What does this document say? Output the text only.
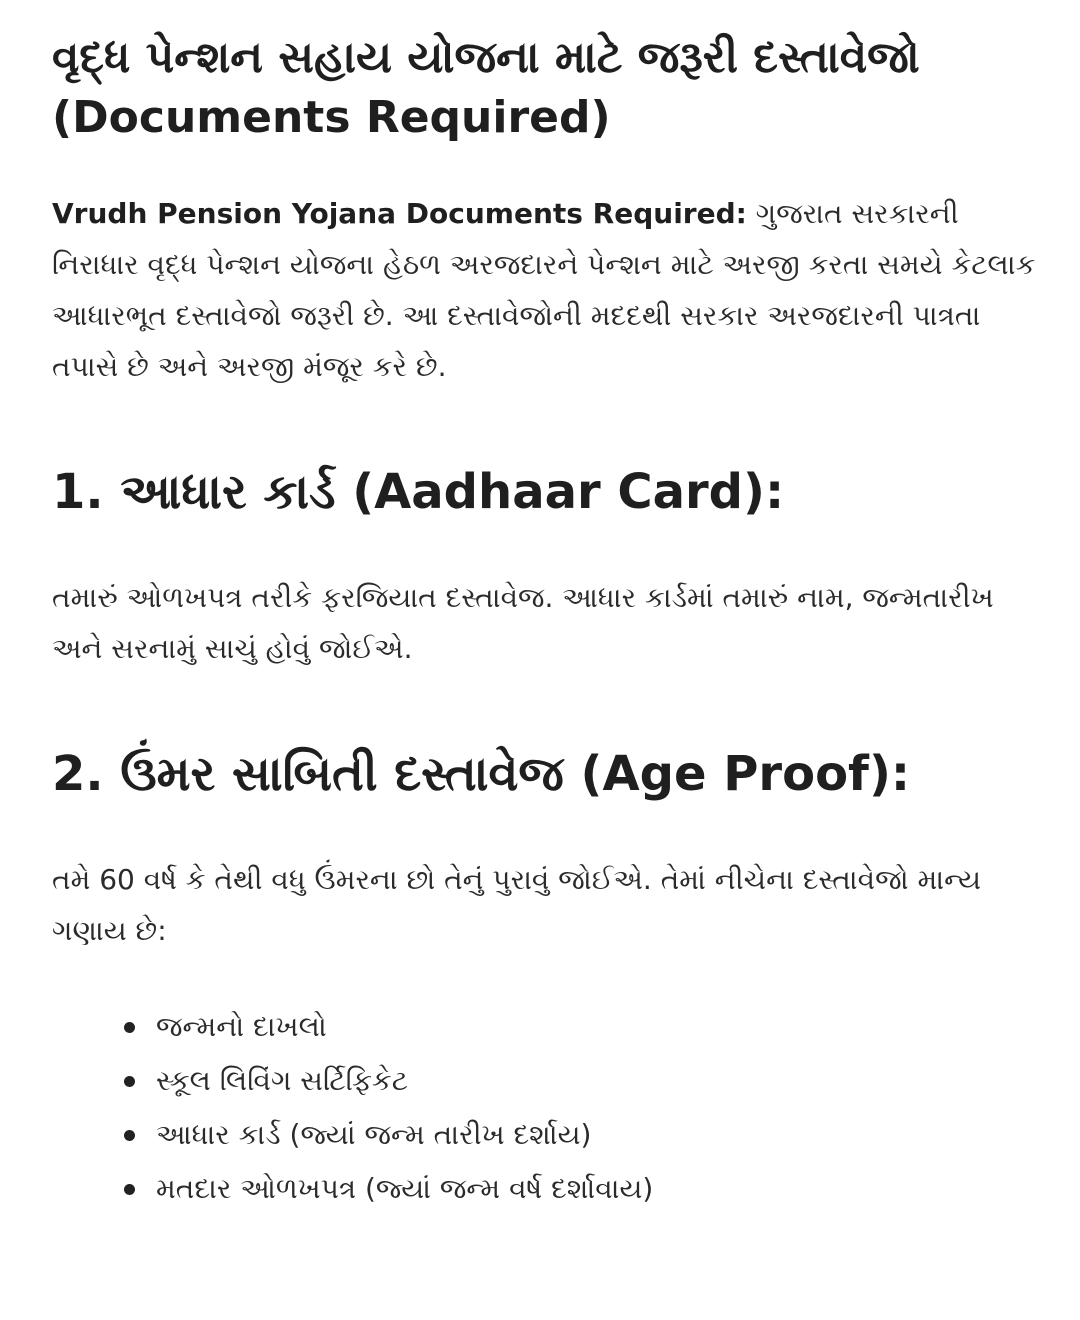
વૃદ્ધ પેન્શન સહાય યોજના માટે જરૂરી દસ્તાવેજો
(Documents Required)

Vrudh Pension Yojana Documents Required: ગુજરાત સરકારની નિરાધાર વૃદ્ધ પેન્શન યોજના હેઠળ અરજદારને પેન્શન માટે અરજી કરતા સમયે કેટલાક આધારભૂત દસ્તાવેજો જરૂરી છે. આ દસ્તાવેજોની મદદથી સરકાર અરજદારની પાત્રતા તપાસે છે અને અરજી મંજૂર કરે છે.

1. આધાર કાર્ડ (Aadhaar Card):

તમારું ઓળખપત્ર તરીકે ફરજિયાત દસ્તાવેજ. આધાર કાર્ડમાં તમારું નામ, જન્મતારીખ અને સરનામું સાચું હોવું જોઈએ.

2. ઉંમર સાબિતી દસ્તાવેજ (Age Proof):

તમે 60 વર્ષ કે તેથી વધુ ઉંમરના છો તેનું પુરાવું જોઈએ. તેમાં નીચેના દસ્તાવેજો માન્ય ગણાય છે:

જન્મનો દાખલો
સ્કૂલ લિવિંગ સર્ટિફિકેટ
આધાર કાર્ડ (જ્યાં જન્મ તારીખ દર્શાય)
મતદાર ઓળખપત્ર (જ્યાં જન્મ વર્ષ દર્શાવાય)
